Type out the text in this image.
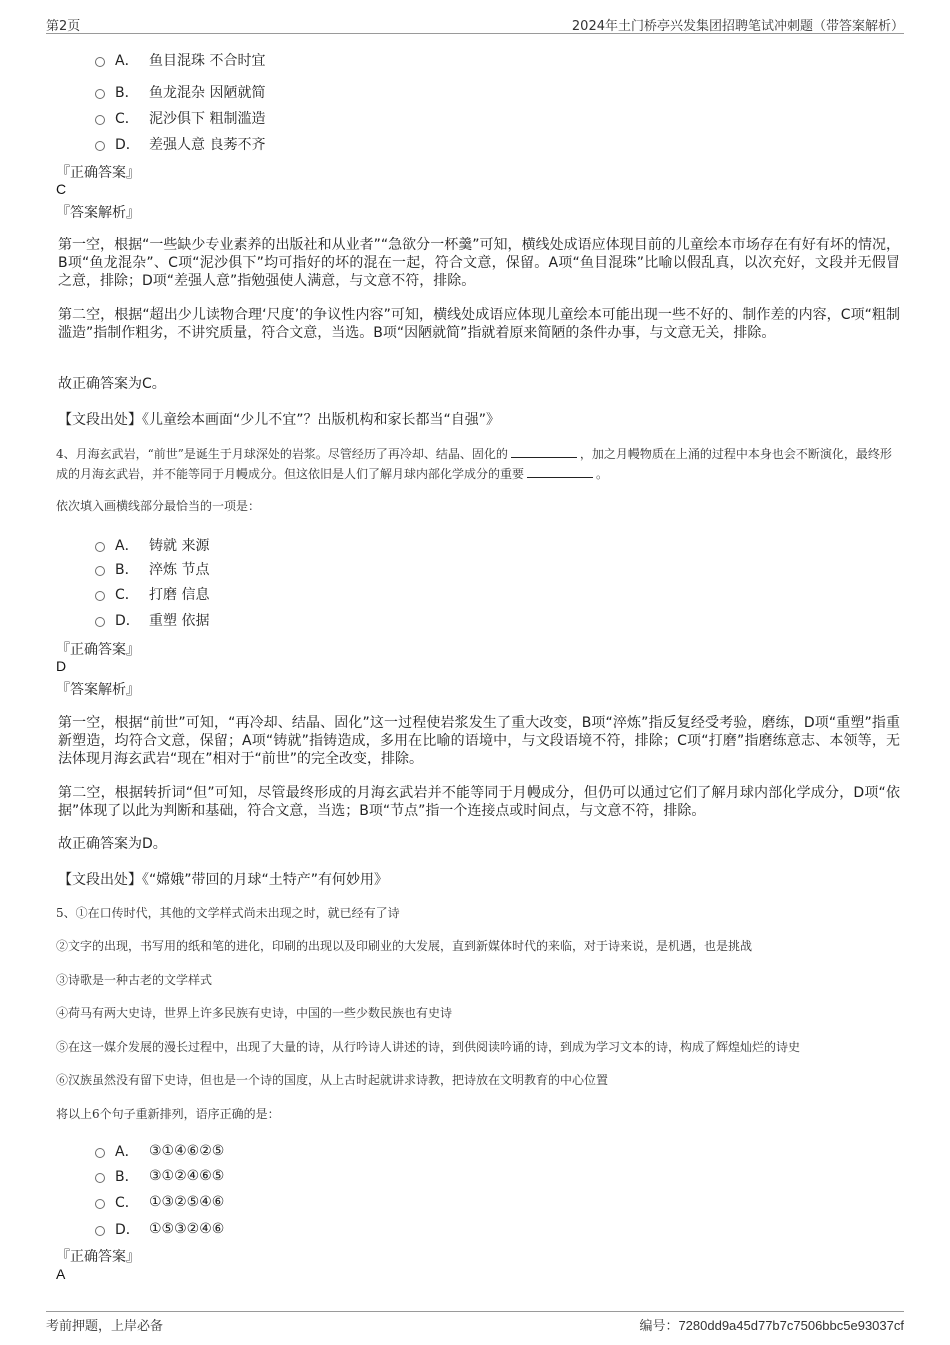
第2页	2024年土门桥亭兴发集团招聘笔试冲刺题（带答案解析）
A． 鱼目混珠 不合时宜
B． 鱼龙混杂 因陋就简
C． 泥沙俱下 粗制滥造
D． 差强人意 良莠不齐
『正确答案』
C
『答案解析』
第一空，根据“一些缺少专业素养的出版社和从业者”“急欲分一杯羹”可知，横线处成语应体现目前的儿童绘本市场存在有好有坏的情况，B项“鱼龙混杂”、C项“泥沙俱下”均可指好的坏的混在一起，符合文意，保留。A项“鱼目混珠”比喻以假乱真，以次充好，文段并无假冒之意，排除；D项“差强人意”指勉强使人满意，与文意不符，排除。
第二空，根据“超出少儿读物合理‘尺度’的争议性内容”可知，横线处成语应体现儿童绘本可能出现一些不好的、制作差的内容，C项“粗制滥造”指制作粗劣，不讲究质量，符合文意，当选。B项“因陋就简”指就着原来简陋的条件办事，与文意无关，排除。
故正确答案为C。
【文段出处】《儿童绘本画面“少儿不宜”？出版机构和家长都当“自强”》
4、月海玄武岩，“前世”是诞生于月球深处的岩浆。尽管经历了再冷却、结晶、固化的	，加之月幔物质在上涌的过程中本身也会不断演化，最终形成的月海玄武岩，并不能等同于月幔成分。但这依旧是人们了解月球内部化学成分的重要	。
依次填入画横线部分最恰当的一项是：
A． 铸就 来源
B． 淬炼 节点
C． 打磨 信息
D． 重塑 依据
『正确答案』
D
『答案解析』
第一空，根据“前世”可知，“再冷却、结晶、固化”这一过程使岩浆发生了重大改变，B项“淬炼”指反复经受考验，磨练，D项“重塑”指重新塑造，均符合文意，保留；A项“铸就”指铸造成，多用在比喻的语境中，与文段语境不符，排除；C项“打磨”指磨练意志、本领等，无法体现月海玄武岩“现在”相对于“前世”的完全改变，排除。
第二空，根据转折词“但”可知，尽管最终形成的月海玄武岩并不能等同于月幔成分，但仍可以通过它们了解月球内部化学成分，D项“依据”体现了以此为判断和基础，符合文意，当选；B项“节点”指一个连接点或时间点，与文意不符，排除。
故正确答案为D。
【文段出处】《“嫦娥”带回的月球“土特产”有何妙用》
5、①在口传时代，其他的文学样式尚未出现之时，就已经有了诗
②文字的出现，书写用的纸和笔的进化，印刷的出现以及印刷业的大发展，直到新媒体时代的来临，对于诗来说，是机遇，也是挑战
③诗歌是一种古老的文学样式
④荷马有两大史诗，世界上许多民族有史诗，中国的一些少数民族也有史诗
⑤在这一媒介发展的漫长过程中，出现了大量的诗，从行吟诗人讲述的诗，到供阅读吟诵的诗，到成为学习文本的诗，构成了辉煌灿烂的诗史
⑥汉族虽然没有留下史诗，但也是一个诗的国度，从上古时起就讲求诗教，把诗放在文明教育的中心位置
将以上6个句子重新排列，语序正确的是：
A． ③①④⑥②⑤
B． ③①②④⑥⑤
C． ①③②⑤④⑥
D． ①⑤③②④⑥
『正确答案』
A
考前押题，上岸必备	编号：7280dd9a45d77b7c7506bbc5e93037cf
